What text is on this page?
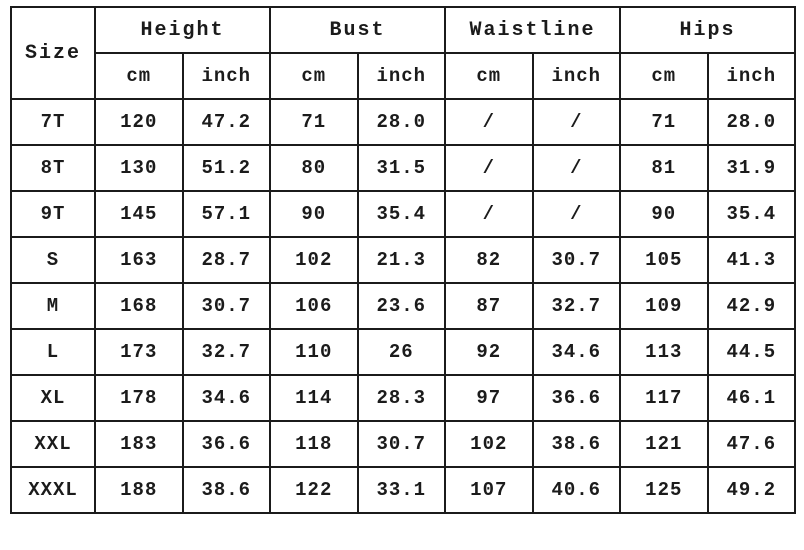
Size	Height		Bust		Waistline		Hips	
	cm	inch	cm	inch	cm	inch	cm	inch
7T	120	47.2	71	28.0	/	/	71	28.0
8T	130	51.2	80	31.5	/	/	81	31.9
9T	145	57.1	90	35.4	/	/	90	35.4
S	163	28.7	102	21.3	82	30.7	105	41.3
M	168	30.7	106	23.6	87	32.7	109	42.9
L	173	32.7	110	26	92	34.6	113	44.5
XL	178	34.6	114	28.3	97	36.6	117	46.1
XXL	183	36.6	118	30.7	102	38.6	121	47.6
XXXL	188	38.6	122	33.1	107	40.6	125	49.2
